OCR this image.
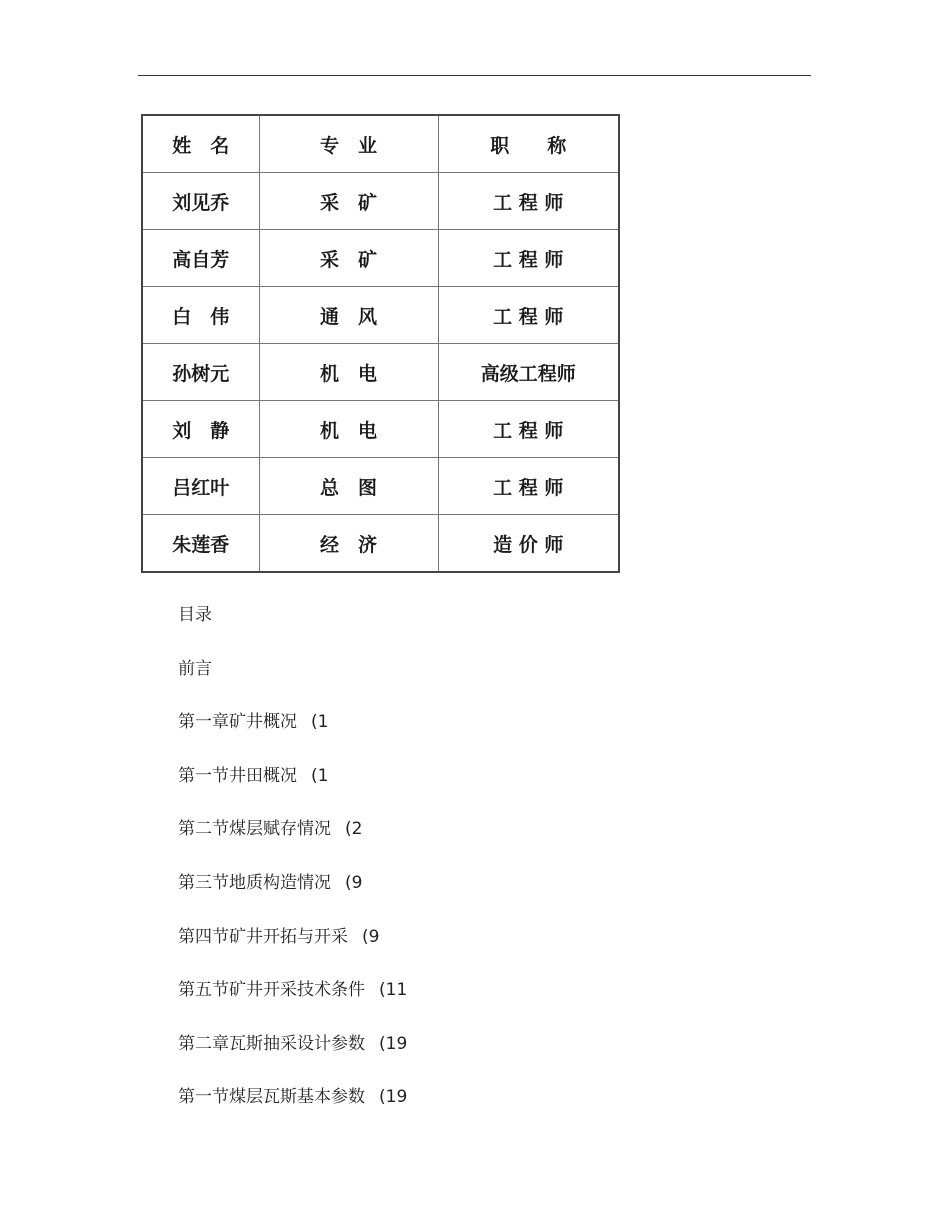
姓　名	专　业	职　　称
刘见乔	采　矿	工 程 师
高自芳	采　矿	工 程 师
白　伟	通　风	工 程 师
孙树元	机　电	高级工程师
刘　静	机　电	工 程 师
吕红叶	总　图	工 程 师
朱莲香	经　济	造 价 师
目录
前言
第一章矿井概况 (1
第一节井田概况 (1
第二节煤层赋存情况 (2
第三节地质构造情况 (9
第四节矿井开拓与开采 (9
第五节矿井开采技术条件 (11
第二章瓦斯抽采设计参数 (19
第一节煤层瓦斯基本参数 (19
